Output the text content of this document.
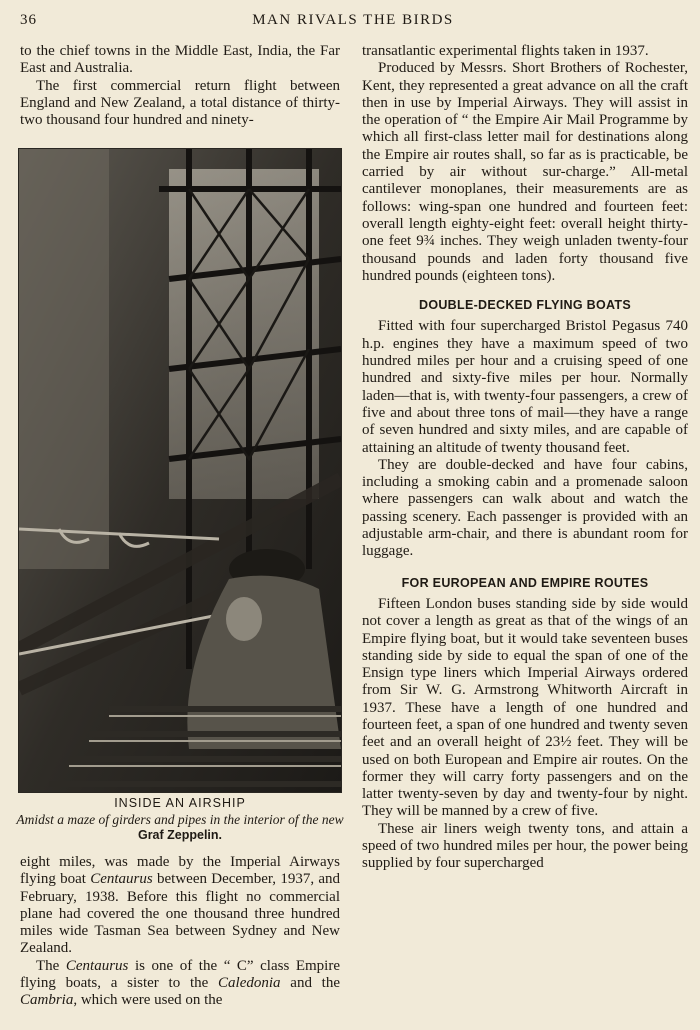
36	MAN RIVALS THE BIRDS

to the chief towns in the Middle East, India, the Far East and Australia.

The first commercial return flight between England and New Zealand, a total distance of thirty-two thousand four hundred and ninety-

INSIDE AN AIRSHIP
Amidst a maze of girders and pipes in the interior of the new Graf Zeppelin.

eight miles, was made by the Imperial Airways flying boat Centaurus between December, 1937, and February, 1938. Before this flight no commercial plane had covered the one thousand three hundred miles wide Tasman Sea between Sydney and New Zealand.

The Centaurus is one of the “ C” class Empire flying boats, a sister to the Caledonia and the Cambria, which were used on the

transatlantic experimental flights taken in 1937.

Produced by Messrs. Short Brothers of Rochester, Kent, they represented a great advance on all the craft then in use by Imperial Airways. They will assist in the operation of “ the Empire Air Mail Programme by which all first-class letter mail for destinations along the Empire air routes shall, so far as is practicable, be carried by air without sur-charge.” All-metal cantilever monoplanes, their measurements are as follows: wing-span one hundred and fourteen feet: overall length eighty-eight feet: overall height thirty-one feet 9¾ inches. They weigh unladen twenty-four thousand pounds and laden forty thousand five hundred pounds (eighteen tons).

DOUBLE-DECKED FLYING BOATS

Fitted with four supercharged Bristol Pegasus 740 h.p. engines they have a maximum speed of two hundred miles per hour and a cruising speed of one hundred and sixty-five miles per hour. Normally laden—that is, with twenty-four passengers, a crew of five and about three tons of mail—they have a range of seven hundred and sixty miles, and are capable of attaining an altitude of twenty thousand feet.

They are double-decked and have four cabins, including a smoking cabin and a promenade saloon where passengers can walk about and watch the passing scenery. Each passenger is provided with an adjustable arm-chair, and there is abundant room for luggage.

FOR EUROPEAN AND EMPIRE ROUTES

Fifteen London buses standing side by side would not cover a length as great as that of the wings of an Empire flying boat, but it would take seventeen buses standing side by side to equal the span of one of the Ensign type liners which Imperial Airways ordered from Sir W. G. Armstrong Whitworth Aircraft in 1937. These have a length of one hundred and fourteen feet, a span of one hundred and twenty seven feet and an overall height of 23½ feet. They will be used on both European and Empire air routes. On the former they will carry forty passengers and on the latter twenty-seven by day and twenty-four by night. They will be manned by a crew of five.

These air liners weigh twenty tons, and attain a speed of two hundred miles per hour, the power being supplied by four supercharged
